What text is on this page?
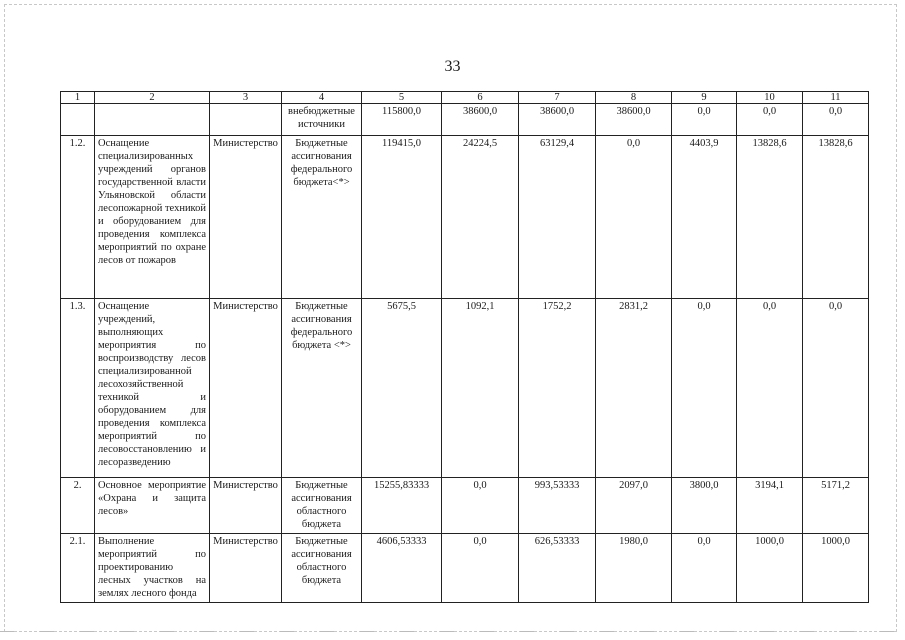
33
1	2	3	4	5	6	7	8	9	10	11
			внебюджетные источники	115800,0	38600,0	38600,0	38600,0	0,0	0,0	0,0
1.2.	Оснащение специализированных учреждений органов государственной власти Ульяновской области лесопожарной техникой и оборудованием для проведения комплекса мероприятий по охране лесов от пожаров	Министерство	Бюджетные ассигнования федерального бюджета<*>	119415,0	24224,5	63129,4	0,0	4403,9	13828,6	13828,6
1.3.	Оснащение учреждений, выполняющих мероприятия по воспроизводству лесов специализированной лесохозяйственной техникой и оборудованием для проведения комплекса мероприятий по лесовосстановлению и лесоразведению	Министерство	Бюджетные ассигнования федерального бюджета <*>	5675,5	1092,1	1752,2	2831,2	0,0	0,0	0,0
2.	Основное мероприятие «Охрана и защита лесов»	Министерство	Бюджетные ассигнования областного бюджета	15255,83333	0,0	993,53333	2097,0	3800,0	3194,1	5171,2
2.1.	Выполнение мероприятий по проектированию лесных участков на землях лесного фонда	Министерство	Бюджетные ассигнования областного бюджета	4606,53333	0,0	626,53333	1980,0	0,0	1000,0	1000,0
